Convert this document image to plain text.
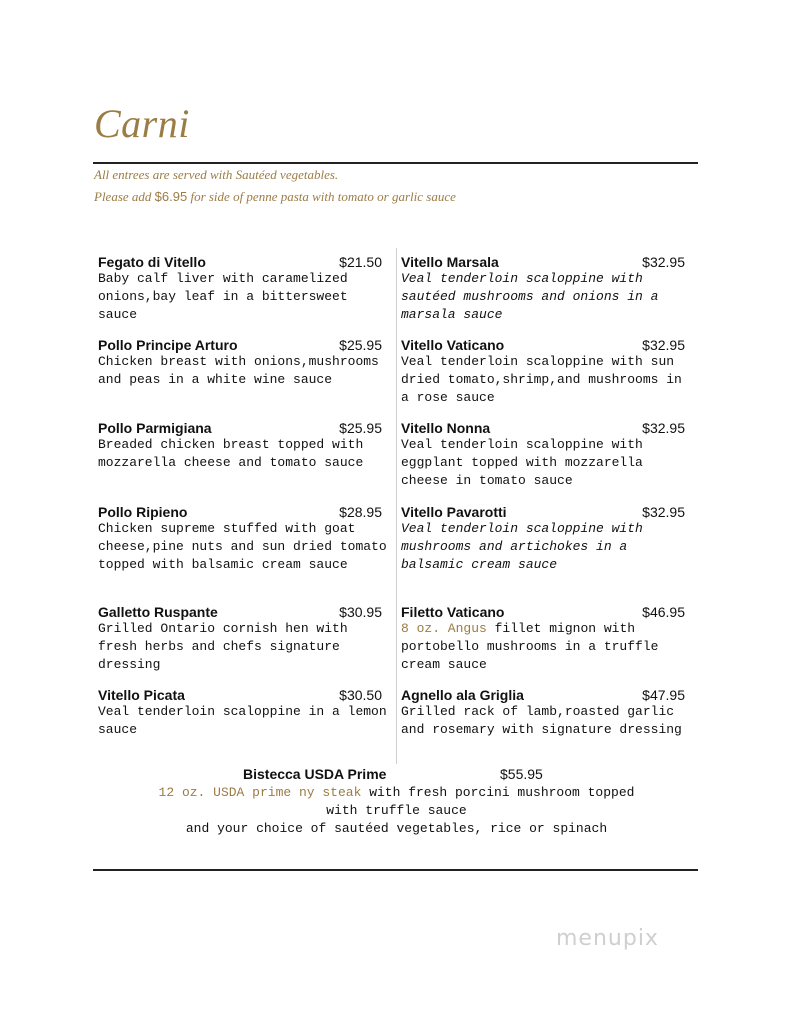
Carni
All entrees are served with Sautéed vegetables.
Please add $6.95 for side of penne pasta with tomato or garlic sauce
Fegato di Vitello	$21.50
Baby calf liver with caramelized onions,bay leaf in a bittersweet sauce
Pollo Principe Arturo	$25.95
Chicken breast with onions,mushrooms and peas in a white wine sauce
Pollo Parmigiana	$25.95
Breaded chicken breast topped with mozzarella cheese and tomato sauce
Pollo Ripieno	$28.95
Chicken supreme stuffed with goat cheese,pine nuts and sun dried tomato topped with balsamic cream sauce
Galletto Ruspante	$30.95
Grilled Ontario cornish hen with fresh herbs and chefs signature dressing
Vitello Picata	$30.50
Veal tenderloin scaloppine in a lemon sauce
Vitello Marsala	$32.95
Veal tenderloin scaloppine with sautéed mushrooms and onions in a marsala sauce
Vitello Vaticano	$32.95
Veal tenderloin scaloppine with sun dried tomato,shrimp,and mushrooms in a rose sauce
Vitello Nonna	$32.95
Veal tenderloin scaloppine with eggplant topped with mozzarella cheese in tomato sauce
Vitello Pavarotti	$32.95
Veal tenderloin scaloppine with mushrooms and artichokes in a balsamic cream sauce
Filetto Vaticano	$46.95
8 oz. Angus fillet mignon with portobello mushrooms in a truffle cream sauce
Agnello ala Griglia	$47.95
Grilled rack of lamb,roasted garlic and rosemary with signature dressing
Bistecca USDA Prime	$55.95
12 oz. USDA prime ny steak with fresh porcini mushroom topped
with truffle sauce
and your choice of sautéed vegetables, rice or spinach
menupix
